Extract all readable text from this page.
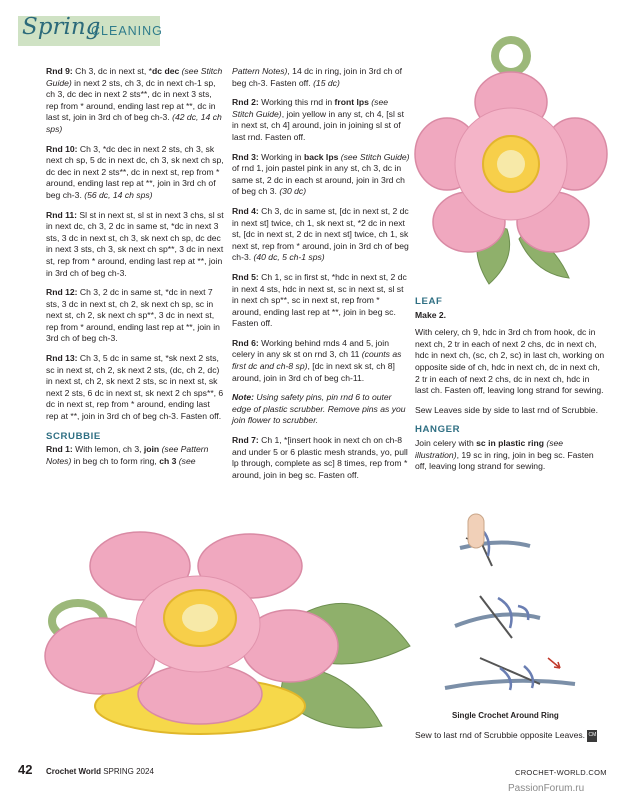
Spring
CLEANING

Rnd 9: Ch 3, dc in next st, *dc dec (see Stitch Guide) in next 2 sts, ch 3, dc in next ch-1 sp, ch 3, dc dec in next 2 sts**, dc in next 3 sts, rep from * around, ending last rep at **, dc in last st, join in 3rd ch of beg ch-3. (42 dc, 14 ch sps)

Rnd 10: Ch 3, *dc dec in next 2 sts, ch 3, sk next ch sp, 5 dc in next dc, ch 3, sk next ch sp, dc dec in next 2 sts**, dc in next st, rep from * around, ending last rep at **, join in 3rd ch of beg ch-3. (56 dc, 14 ch sps)

Rnd 11: Sl st in next st, sl st in next 3 chs, sl st in next dc, ch 3, 2 dc in same st, *dc in next 3 sts, 3 dc in next st, ch 3, sk next ch sp, dc dec in next 3 sts, ch 3, sk next ch sp**, 3 dc in next st, rep from * around, ending last rep at **, join in 3rd ch of beg ch-3.

Rnd 12: Ch 3, 2 dc in same st, *dc in next 7 sts, 3 dc in next st, ch 2, sk next ch sp, sc in next st, ch 2, sk next ch sp**, 3 dc in next st, rep from * around, ending last rep at **, join in 3rd ch of beg ch-3.

Rnd 13: Ch 3, 5 dc in same st, *sk next 2 sts, sc in next st, ch 2, sk next 2 sts, (dc, ch 2, dc) in next st, ch 2, sk next 2 sts, sc in next st, sk next 2 sts, 6 dc in next st, sk next 2 ch sps**, 6 dc in next st, rep from * around, ending last rep at **, join in 3rd ch of beg ch-3. Fasten off.

SCRUBBIE

Rnd 1: With lemon, ch 3, join (see Pattern Notes) in beg ch to form ring, ch 3 (see

Pattern Notes), 14 dc in ring, join in 3rd ch of beg ch-3. Fasten off. (15 dc)

Rnd 2: Working this rnd in front lps (see Stitch Guide), join yellow in any st, ch 4, [sl st in next st, ch 4] around, join in joining sl st of last rnd. Fasten off.

Rnd 3: Working in back lps (see Stitch Guide) of rnd 1, join pastel pink in any st, ch 3, dc in same st, 2 dc in each st around, join in 3rd ch of beg ch 3. (30 dc)

Rnd 4: Ch 3, dc in same st, [dc in next st, 2 dc in next st] twice, ch 1, sk next st, *2 dc in next st, [dc in next st, 2 dc in next st] twice, ch 1, sk next st, rep from * around, join in 3rd ch of beg ch-3. (40 dc, 5 ch-1 sps)

Rnd 5: Ch 1, sc in first st, *hdc in next st, 2 dc in next 4 sts, hdc in next st, sc in next st, sl st in next ch sp**, sc in next st, rep from * around, ending last rep at **, join in beg sc. Fasten off.

Rnd 6: Working behind rnds 4 and 5, join celery in any sk st on rnd 3, ch 11 (counts as first dc and ch-8 sp), [dc in next sk st, ch 8] around, join in 3rd ch of beg ch-11.

Note: Using safety pins, pin rnd 6 to outer edge of plastic scrubber. Remove pins as you join flower to scrubber.

Rnd 7: Ch 1, *[insert hook in next ch on ch-8 and under 5 or 6 plastic mesh strands, yo, pull lp through, complete as sc] 8 times, rep from * around, join in beg sc. Fasten off.

LEAF

Make 2.

With celery, ch 9, hdc in 3rd ch from hook, dc in next ch, 2 tr in each of next 2 chs, dc in next ch, hdc in next ch, (sc, ch 2, sc) in last ch, working on opposite side of ch, hdc in next ch, dc in next ch, 2 tr in each of next 2 chs, dc in next ch, hdc in last ch. Fasten off, leaving long strand for sewing.

Sew Leaves side by side to last rnd of Scrubbie.

HANGER

Join celery with sc in plastic ring (see illustration), 19 sc in ring, join in beg sc. Fasten off, leaving long strand for sewing.

Single Crochet Around Ring
Sew to last rnd of Scrubbie opposite Leaves. CM
42 Crochet World SPRING 2024	CROCHET-WORLD.COM
PassionForum.ru
